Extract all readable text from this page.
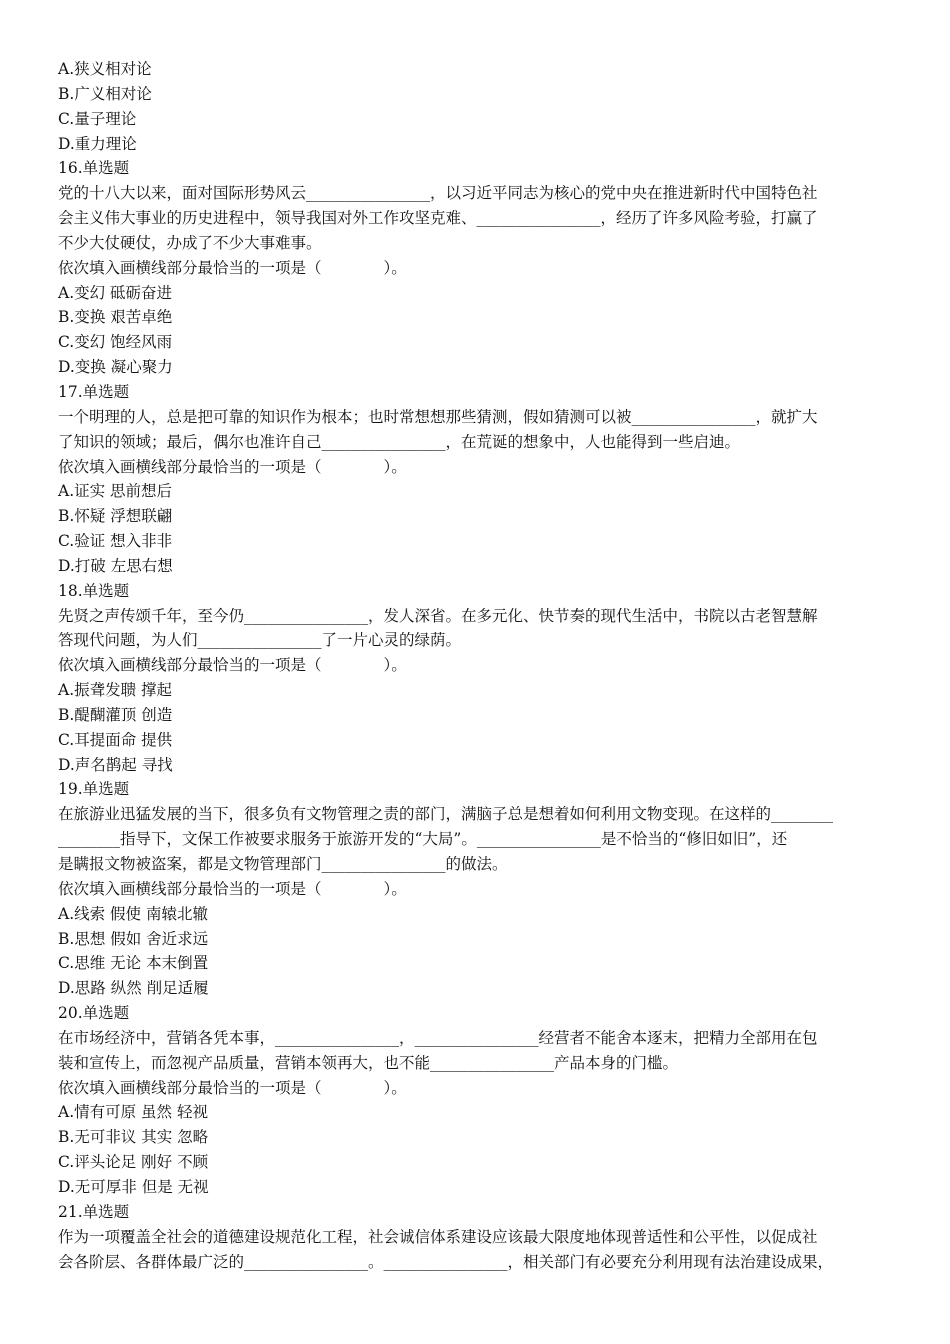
A.狭义相对论
B.广义相对论
C.量子理论
D.重力理论
16.单选题
党的十八大以来，面对国际形势风云________________，以习近平同志为核心的党中央在推进新时代中国特色社
会主义伟大事业的历史进程中，领导我国对外工作攻坚克难、________________，经历了许多风险考验，打赢了
不少大仗硬仗，办成了不少大事难事。
依次填入画横线部分最恰当的一项是（　　　　）。
A.变幻 砥砺奋进
B.变换 艰苦卓绝
C.变幻 饱经风雨
D.变换 凝心聚力
17.单选题
一个明理的人，总是把可靠的知识作为根本；也时常想想那些猜测，假如猜测可以被________________，就扩大
了知识的领域；最后，偶尔也准许自己________________，在荒诞的想象中，人也能得到一些启迪。
依次填入画横线部分最恰当的一项是（　　　　）。
A.证实 思前想后
B.怀疑 浮想联翩
C.验证 想入非非
D.打破 左思右想
18.单选题
先贤之声传颂千年，至今仍________________，发人深省。在多元化、快节奏的现代生活中，书院以古老智慧解
答现代问题，为人们________________了一片心灵的绿荫。
依次填入画横线部分最恰当的一项是（　　　　）。
A.振聋发聩 撑起
B.醍醐灌顶 创造
C.耳提面命 提供
D.声名鹊起 寻找
19.单选题
在旅游业迅猛发展的当下，很多负有文物管理之责的部门，满脑子总是想着如何利用文物变现。在这样的________
________指导下，文保工作被要求服务于旅游开发的“大局”。________________是不恰当的“修旧如旧”，还
是瞒报文物被盗案，都是文物管理部门________________的做法。
依次填入画横线部分最恰当的一项是（　　　　）。
A.线索 假使 南辕北辙
B.思想 假如 舍近求远
C.思维 无论 本末倒置
D.思路 纵然 削足适履
20.单选题
在市场经济中，营销各凭本事，________________，________________经营者不能舍本逐末，把精力全部用在包
装和宣传上，而忽视产品质量，营销本领再大，也不能________________产品本身的门槛。
依次填入画横线部分最恰当的一项是（　　　　）。
A.情有可原 虽然 轻视
B.无可非议 其实 忽略
C.评头论足 刚好 不顾
D.无可厚非 但是 无视
21.单选题
作为一项覆盖全社会的道德建设规范化工程，社会诚信体系建设应该最大限度地体现普适性和公平性，以促成社
会各阶层、各群体最广泛的________________。________________，相关部门有必要充分利用现有法治建设成果，
